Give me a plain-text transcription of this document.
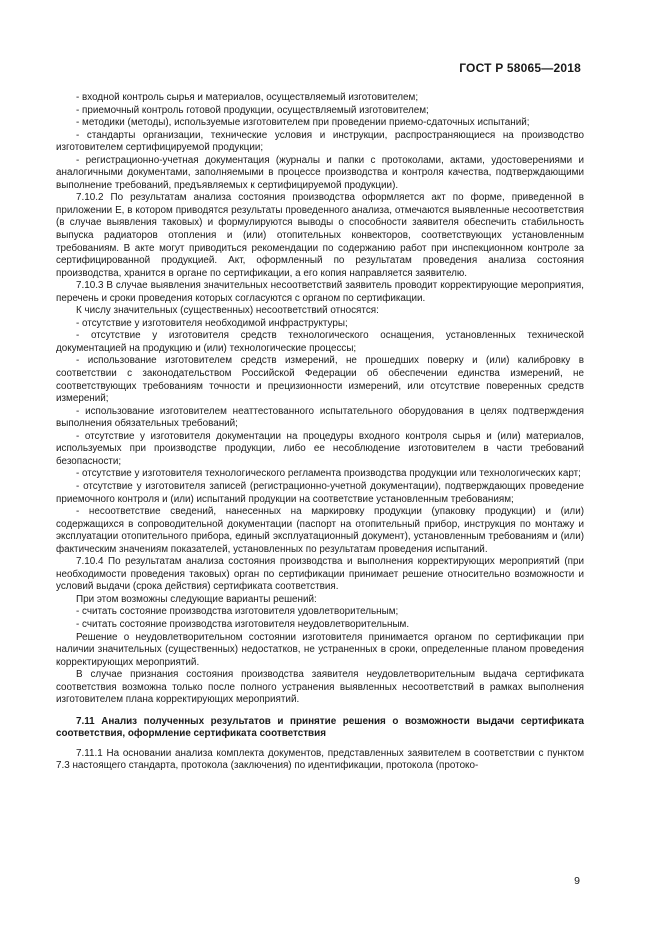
ГОСТ Р 58065—2018

- входной контроль сырья и материалов, осуществляемый изготовителем;

- приемочный контроль готовой продукции, осуществляемый изготовителем;

- методики (методы), используемые изготовителем при проведении приемо-сдаточных испытаний;

- стандарты организации, технические условия и инструкции, распространяющиеся на производство изготовителем сертифицируемой продукции;

- регистрационно-учетная документация (журналы и папки с протоколами, актами, удостоверениями и аналогичными документами, заполняемыми в процессе производства и контроля качества, подтверждающими выполнение требований, предъявляемых к сертифицируемой продукции).

7.10.2 По результатам анализа состояния производства оформляется акт по форме, приведенной в приложении Е, в котором приводятся результаты проведенного анализа, отмечаются выявленные несоответствия (в случае выявления таковых) и формулируются выводы о способности заявителя обеспечить стабильность выпуска радиаторов отопления и (или) отопительных конвекторов, соответствующих установленным требованиям. В акте могут приводиться рекомендации по содержанию работ при инспекционном контроле за сертифицированной продукцией. Акт, оформленный по результатам проведения анализа состояния производства, хранится в органе по сертификации, а его копия направляется заявителю.

7.10.3 В случае выявления значительных несоответствий заявитель проводит корректирующие мероприятия, перечень и сроки проведения которых согласуются с органом по сертификации.

К числу значительных (существенных) несоответствий относятся:

- отсутствие у изготовителя необходимой инфраструктуры;

- отсутствие у изготовителя средств технологического оснащения, установленных технической документацией на продукцию и (или) технологические процессы;

- использование изготовителем средств измерений, не прошедших поверку и (или) калибровку в соответствии с законодательством Российской Федерации об обеспечении единства измерений, не соответствующих требованиям точности и прецизионности измерений, или отсутствие поверенных средств измерений;

- использование изготовителем неаттестованного испытательного оборудования в целях подтверждения выполнения обязательных требований;

- отсутствие у изготовителя документации на процедуры входного контроля сырья и (или) материалов, используемых при производстве продукции, либо ее несоблюдение изготовителем в части требований безопасности;

- отсутствие у изготовителя технологического регламента производства продукции или технологических карт;

- отсутствие у изготовителя записей (регистрационно-учетной документации), подтверждающих проведение приемочного контроля и (или) испытаний продукции на соответствие установленным требованиям;

- несоответствие сведений, нанесенных на маркировку продукции (упаковку продукции) и (или) содержащихся в сопроводительной документации (паспорт на отопительный прибор, инструкция по монтажу и эксплуатации отопительного прибора, единый эксплуатационный документ), установленным требованиям и (или) фактическим значениям показателей, установленных по результатам проведения испытаний.

7.10.4 По результатам анализа состояния производства и выполнения корректирующих мероприятий (при необходимости проведения таковых) орган по сертификации принимает решение относительно возможности и условий выдачи (срока действия) сертификата соответствия.

При этом возможны следующие варианты решений:

- считать состояние производства изготовителя удовлетворительным;

- считать состояние производства изготовителя неудовлетворительным.

Решение о неудовлетворительном состоянии изготовителя принимается органом по сертификации при наличии значительных (существенных) недостатков, не устраненных в сроки, определенные планом проведения корректирующих мероприятий.

В случае признания состояния производства заявителя неудовлетворительным выдача сертификата соответствия возможна только после полного устранения выявленных несоответствий в рамках выполнения изготовителем плана корректирующих мероприятий.

7.11 Анализ полученных результатов и принятие решения о возможности выдачи сертификата соответствия, оформление сертификата соответствия

7.11.1 На основании анализа комплекта документов, представленных заявителем в соответствии с пунктом 7.3 настоящего стандарта, протокола (заключения) по идентификации, протокола (протоко-

9
